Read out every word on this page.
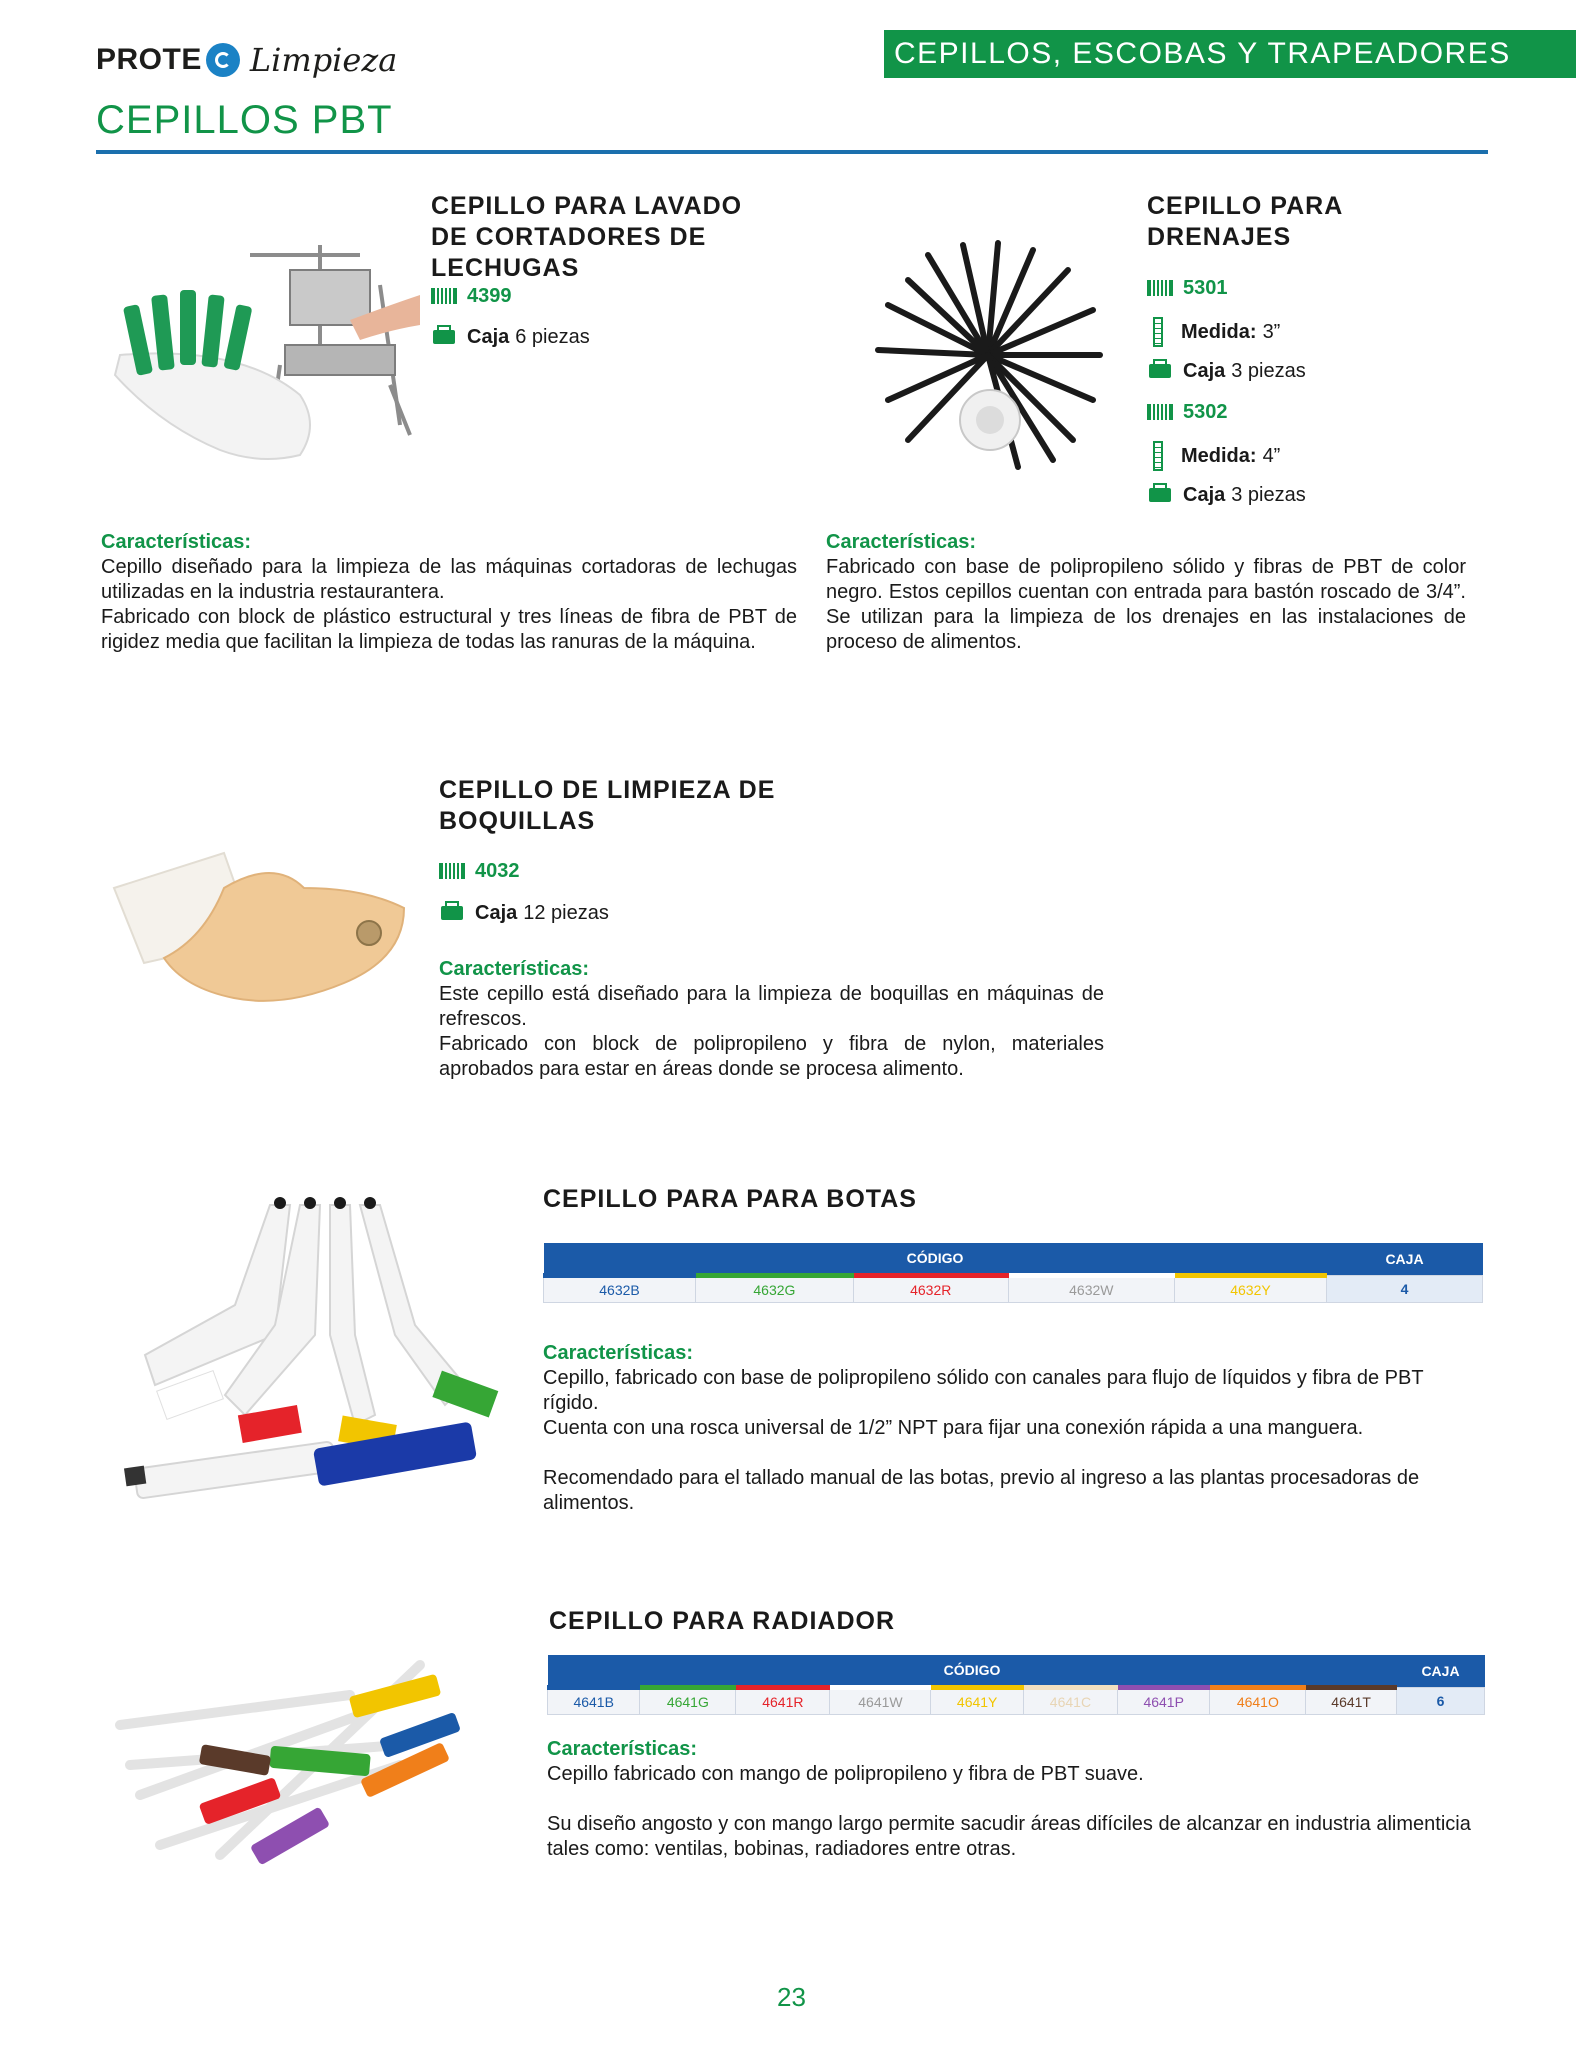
PROTE Limpieza	CEPILLOS, ESCOBAS Y TRAPEADORES
CEPILLOS PBT
CEPILLO PARA LAVADO
DE CORTADORES DE
LECHUGAS
4399
Caja 6 piezas
Características:

Cepillo diseñado para la limpieza de las máquinas cortadoras de lechugas utilizadas en la industria restaurantera.

Fabricado con block de plástico estructural y tres líneas de fibra de PBT de rigidez media que facilitan la limpieza de todas las ranuras de la máquina.

CEPILLO PARA
DRENAJES
5301
Medida: 3”
Caja 3 piezas
5302
Medida: 4”
Caja 3 piezas
Características:

Fabricado con base de polipropileno sólido y fibras de PBT de color negro. Estos cepillos cuentan con entrada para bastón roscado de 3/4”. Se utilizan para la limpieza de los drenajes en las instalaciones de proceso de alimentos.

CEPILLO DE LIMPIEZA DE
BOQUILLAS
4032
Caja 12 piezas
Características:

Este cepillo está diseñado para la limpieza de boquillas en máquinas de refrescos.

Fabricado con block de polipropileno y fibra de nylon, materiales aprobados para estar en áreas donde se procesa alimento.

CEPILLO PARA PARA BOTAS
CÓDIGO					CAJA
4632B	4632G	4632R	4632W	4632Y	4
Características:

Cepillo, fabricado con base de polipropileno sólido con canales para flujo de líquidos y fibra de PBT rígido.

Cuenta con una rosca universal de 1/2” NPT para fijar una conexión rápida a una manguera.

Recomendado para el tallado manual de las botas, previo al ingreso a las plantas procesadoras de alimentos.

CEPILLO PARA RADIADOR
CÓDIGO									CAJA
4641B	4641G	4641R	4641W	4641Y	4641C	4641P	4641O	4641T	6
Características:

Cepillo fabricado con mango de polipropileno y fibra de PBT suave.

Su diseño angosto y con mango largo permite sacudir áreas difíciles de alcanzar en industria alimenticia tales como: ventilas, bobinas, radiadores entre otras.

23
